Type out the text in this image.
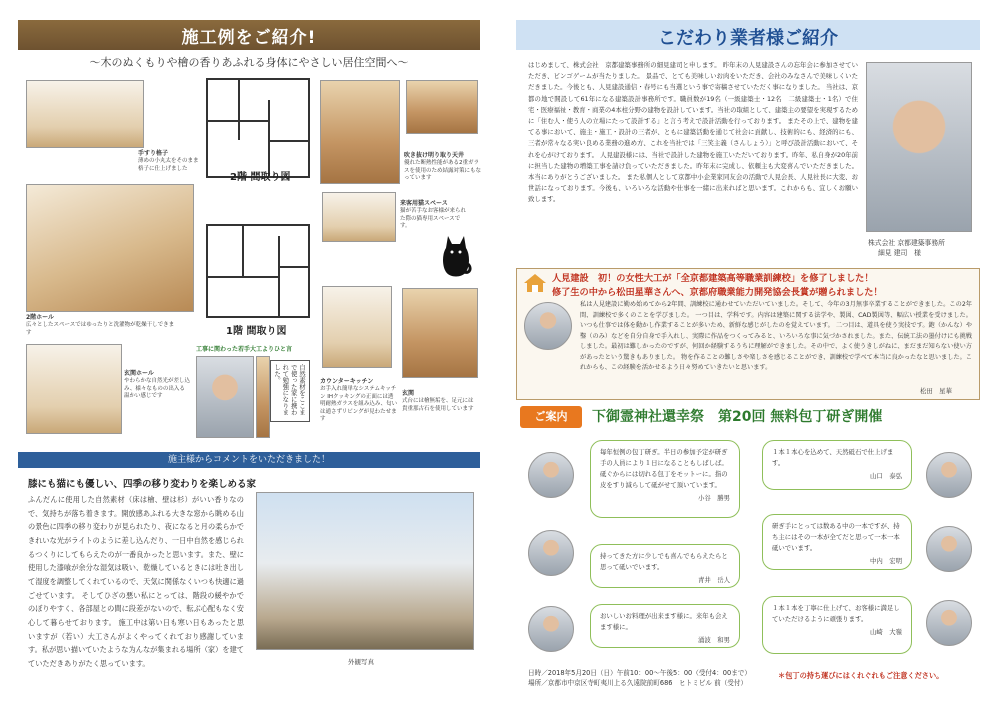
施工例をご紹介!
〜木のぬくもりや檜の香りあふれる身体にやさしい居住空間へ〜
手すり格子
薄めの小丸太をそのまま格子に仕上げました
2階ホール
広々としたスペースではゆったりと洗濯物が乾燥干しできます
玄関ホール
やわらかな自然光が差し込み、様々なものの出入る温かい感じです
2階 間取り図
1階 間取り図
吹き抜け明り取り天井
優れた断熱性能がある2重ガラスを使用のため結露対策にもなっています
来客用猫スペース
猫が苦手なお客様が来られた際の猫専用スペースです。
カウンターキッチン
お手入れ簡単なシステムキッチン IHクッキングの正面には透明耐熱ガラスを組み込み、匂いは通さずリビングが見わたせます
玄関
式台には檜無垢を、足元には貴重那古石を使用しています
工事に関わった若手大工よりひと言
自然素材をここまで使った家に携われて勉強になりました。
施主様からコメントをいただきました！
膝にも猫にも優しい、四季の移り変わりを楽しめる家
ふんだんに使用した自然素材（床は檜、壁は杉）がいい香りなので、気持ちが落ち着きます。開放感あふれる大きな窓から眺める山の景色に四季の移り変わりが見られたり、夜になると月の柔らかできれいな光がライトのように差し込んだり、一日中自然を感じられるつくりにしてもらえたのが一番良かったと思います。また、壁に使用した漆喰が余分な湿気は吸い、乾燥しているときには吐き出して湿度を調整してくれているので、天気に関係なくいつも快適に過ごせています。 そしてひざの悪い私にとっては、階段の緩やかでのぼりやすく、各部屋との間に段差がないので、転ぶ心配もなく安心して暮らせております。 施工中は第い日も寒い日もあったと思いますが（若い）大工さんがよくやってくれており感謝しています。私が思い描いていたような为んなが集まれる場所（家）を建てていただきありがたく思っています。	外観写真
こだわり業者様ご紹介
はじめまして、株式会社　京都建築事務所の細見建司と申します。 昨年末の人見建設さんの忘年会に参加させていただき、ビンゴゲームが当たりました。 景品で、とても美味しいお肉をいただき、会社のみなさんで美味しくいただきました。今後とも、人見建設通信・春号にも当選という事で寄稿させていただく事になりました。 当社は、京都の地で開設して61年になる建築設計事務所です。職員数が19名（一級建築士・12名　二級建築士・1名）で住宅・医療福祉・教育・商業の4本柱分野の建物を設計しています。当社の取組として、建築主の要望を実現するために「住む人・使う人の立場にたって設計する」と言う考えで設計活動を行っております。 またその上で、建物を建てる事において、施主・施工・設計の三者が、ともに建築活動を通じて社会に貢献し、技術的にも、経済的にも、三者が常々なる実い良める業務の進め方、これを当社では「三笑主義（さんしょう）」と呼び設計活動において、それを心がけております。 人見建設様には、当社で設計した建物を施工いただいております。昨年、私自身が20年前に担当した建物の増築工事を請け負っていただきました。昨年末に完成し、依頼主も大変喜んでいただきました。本当にありがとうございました。 また私個人として京都中小企業家同友会の活動で人見会長、人見社長に大変、お世話になっております。今後も、いろいろな活動や仕事を一緒に出来ればと思います。これからも、宜しくお願い致します。
株式会社 京都建築事務所
細見 建司　様
人見建設　初！の女性大工が「全京都建築高等職業訓練校」を修了しました！
修了生の中から松田星華さんへ、京都府職業能力開発協会長賞が贈られました！
私は人見建設に勤め始めてから2年間、訓練校に通わせていただいていました。そして、今年の3月無事卒業することができました。この2年間、訓練校で多くのことを学びました。 一つ目は、学科です。内容は建築に関する法学や、製図、CAD製図等、幅広い授業を受けました。いつも仕事では体を動かし作業することが多いため、新鮮な感じがしたのを覚えています。 二つ目は、道具を使う実技です。鉋（かんな）や鑿（のみ）などを自分自身で手入れし、実際に作品をつくってみると、いろいろな事に気づかされました。また、伝統工法の墨付けにも挑戦しました。最初は難しかったのですが、何回か経験するうちに理解ができました。その中で、よく使うきしがねに、まだまだ知らない使い方があったという驚きもありました。 物を作ることの難しさや楽しさを感じることができ、訓練校で学べて本当に良かったなと思いました。これからも、この経験を活かせるよう日々努めていきたいと思います。
松田　星華
ご案内	下御霊神社還幸祭　第20回 無料包丁研ぎ開催
毎年恒例の包丁研ぎ。半日の参加予定が研ぎ手の人員により１日になることもしばしば。 砥ぐからには切れる包丁をモットーに。指の皮をすり減らして砥がせて頂いています。
小谷　勝男
持ってきた方に少しでも喜んでもらえたらと思って砥いでいます。
青井　岳人
おいしいお料理が出来ます様に。来年も会えます様に。
涌波　和男
１本１本心を込めて、天然砥石で仕上げます。
山口　泰弘
研ぎ手にとっては数ある中の一本ですが、持ち主にはその一本が全てだと思って一本一本砥いでいます。
中内　宏明
１本１本を丁寧に仕上げて、お客様に満足していただけるように頑張ります。
山崎　大嶺
日時／2018年5月20日（日）午前10：00〜午後5：00（受付4：00まで）
場所／京都市中京区寺町夷川上る久遠院前町686　ヒトミビル 前（受付）
＊包丁の持ち運びにはくれぐれもご注意ください。
